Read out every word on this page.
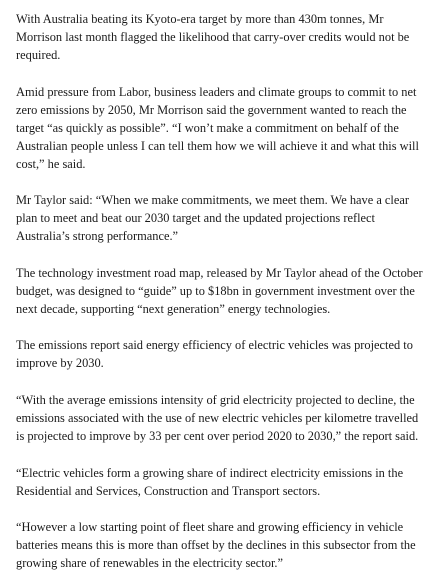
With Australia beating its Kyoto-era target by more than 430m tonnes, Mr Morrison last month flagged the likelihood that carry-over credits would not be required.

Amid pressure from Labor, business leaders and climate groups to commit to net zero emissions by 2050, Mr Morrison said the government wanted to reach the target “as quickly as possible”. “I won’t make a commitment on behalf of the Australian people unless I can tell them how we will achieve it and what this will cost,” he said.

Mr Taylor said: “When we make commitments, we meet them. We have a clear plan to meet and beat our 2030 target and the updated projections reflect Australia’s strong performance.”

The technology investment road map, released by Mr Taylor ahead of the October budget, was designed to “guide” up to $18bn in government investment over the next decade, supporting “next generation” energy technologies.

The emissions report said energy efficiency of electric vehicles was projected to improve by 2030.

“With the average emissions intensity of grid electricity projected to decline, the emissions associated with the use of new electric vehicles per kilometre travelled is projected to improve by 33 per cent over period 2020 to 2030,” the report said.

“Electric vehicles form a growing share of indirect electricity emissions in the Residential and Services, Construction and Transport sectors.

“However a low starting point of fleet share and growing efficiency in vehicle batteries means this is more than offset by the declines in this subsector from the growing share of renewables in the electricity sector.”
